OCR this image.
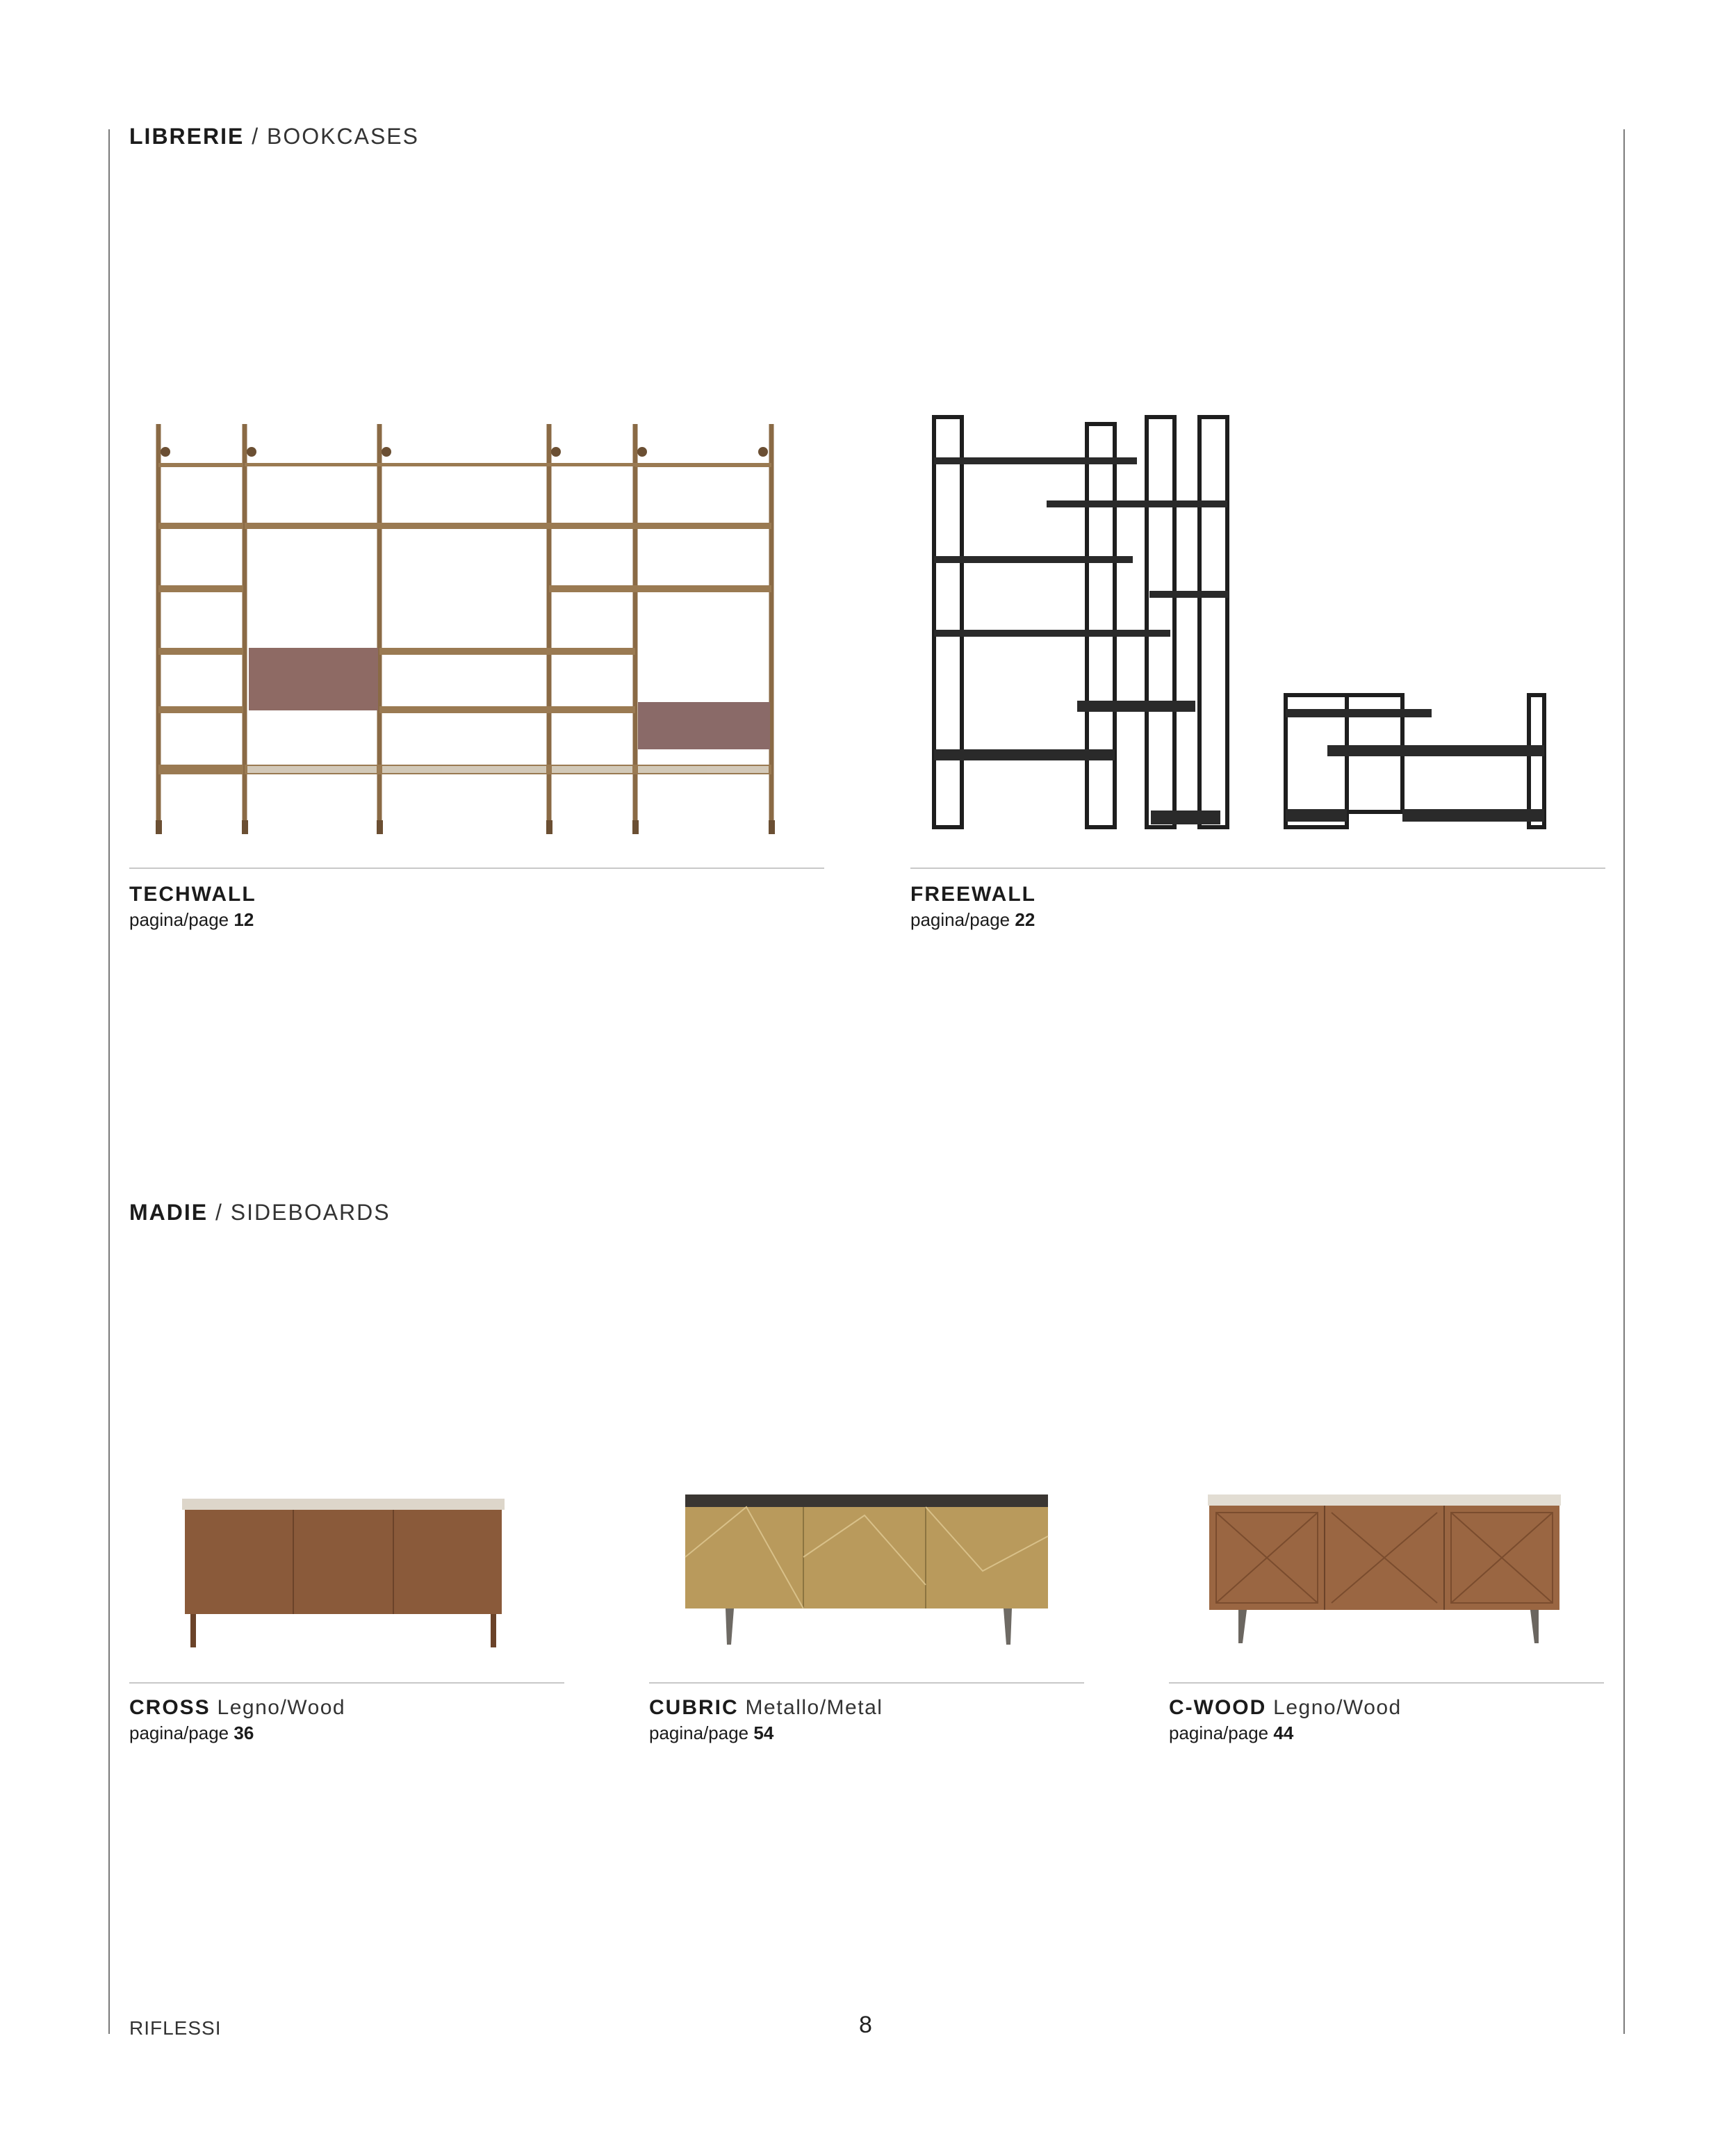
LIBRERIE / BOOKCASES
TECHWALL
pagina/page 12
FREEWALL
pagina/page 22
MADIE / SIDEBOARDS
CROSS Legno/Wood
pagina/page 36
CUBRIC Metallo/Metal
pagina/page 54
C-WOOD Legno/Wood
pagina/page 44
RIFLESSI	8
